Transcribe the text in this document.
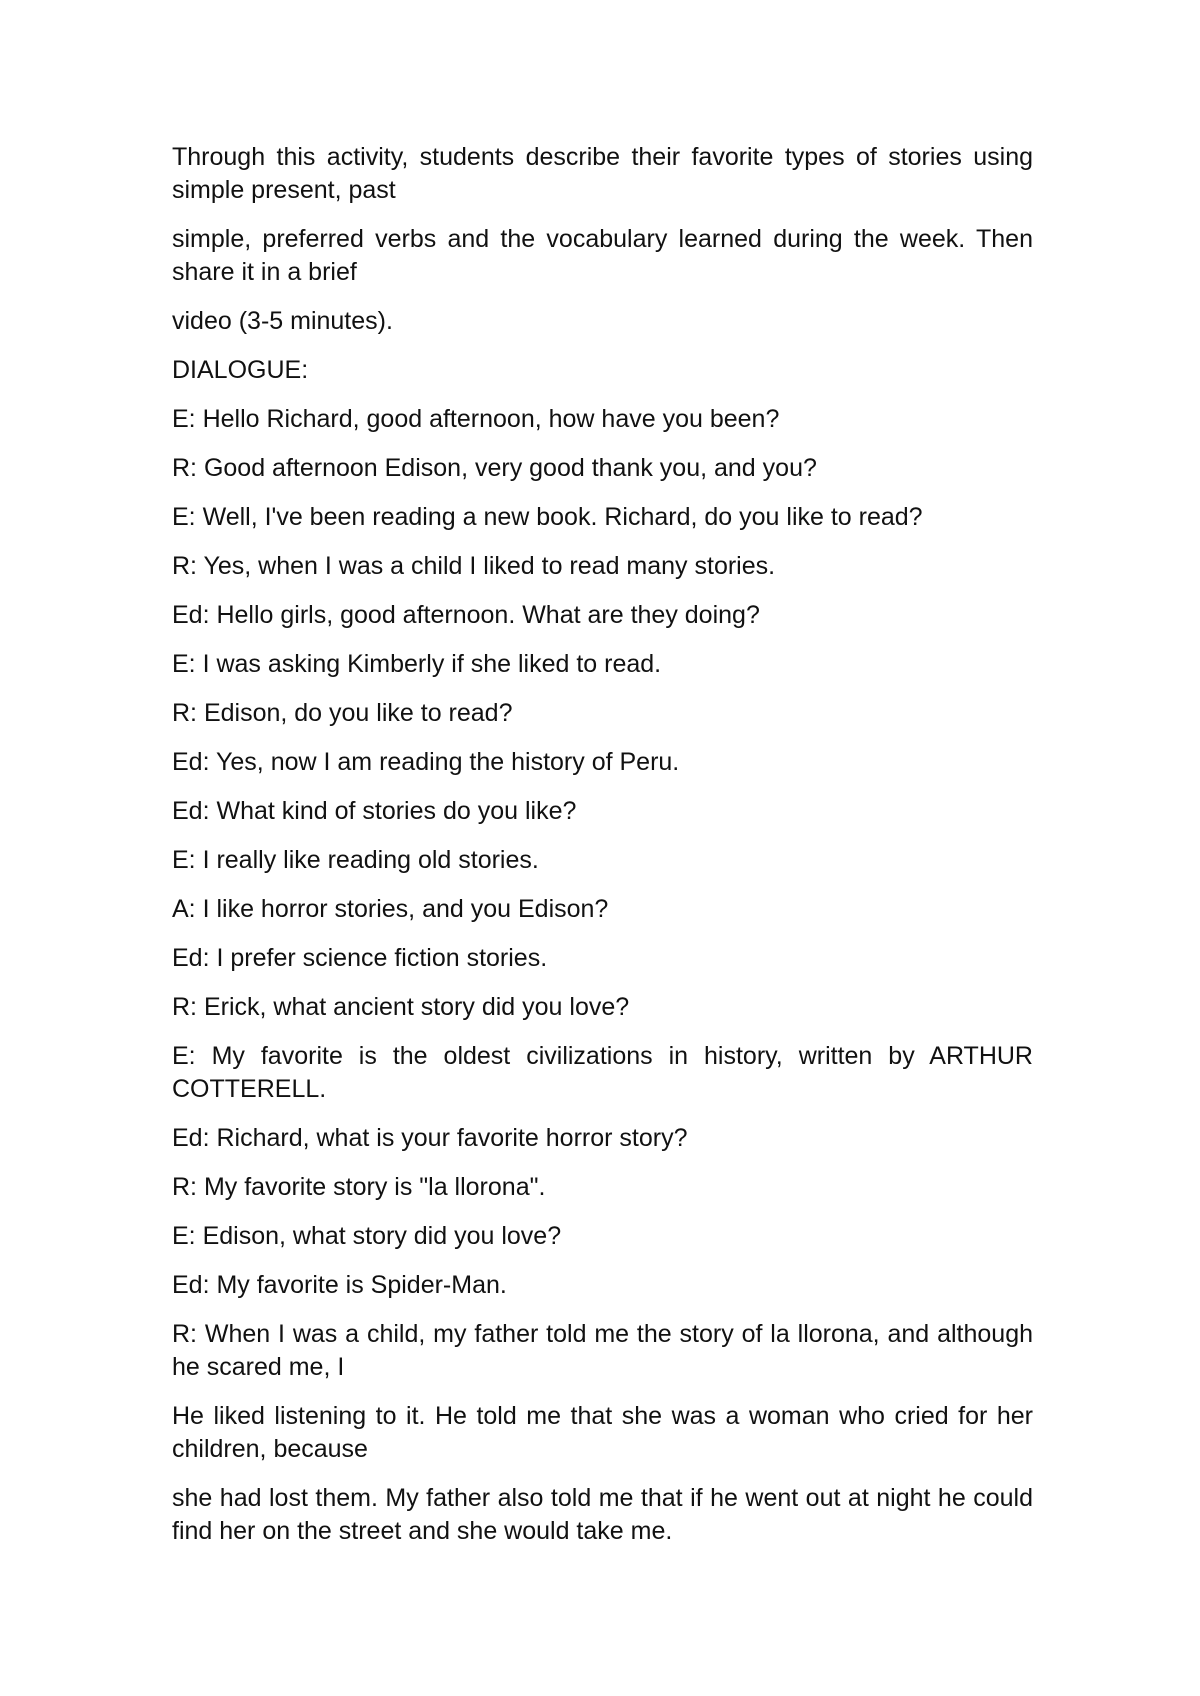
Through this activity, students describe their favorite types of stories using simple present, past

simple, preferred verbs and the vocabulary learned during the week. Then share it in a brief

video (3-5 minutes).

DIALOGUE:

E: Hello Richard, good afternoon, how have you been?

R: Good afternoon Edison, very good thank you, and you?

E: Well, I've been reading a new book. Richard, do you like to read?

R: Yes, when I was a child I liked to read many stories.

Ed: Hello girls, good afternoon. What are they doing?

E: I was asking Kimberly if she liked to read.

R: Edison, do you like to read?

Ed: Yes, now I am reading the history of Peru.

Ed: What kind of stories do you like?

E: I really like reading old stories.

A: I like horror stories, and you Edison?

Ed: I prefer science fiction stories.

R: Erick, what ancient story did you love?

E: My favorite is the oldest civilizations in history, written by ARTHUR COTTERELL.

Ed: Richard, what is your favorite horror story?

R: My favorite story is "la llorona".

E: Edison, what story did you love?

Ed: My favorite is Spider-Man.

R: When I was a child, my father told me the story of la llorona, and although he scared me, I

He liked listening to it. He told me that she was a woman who cried for her children, because

she had lost them. My father also told me that if he went out at night he could find her on the street and she would take me.
